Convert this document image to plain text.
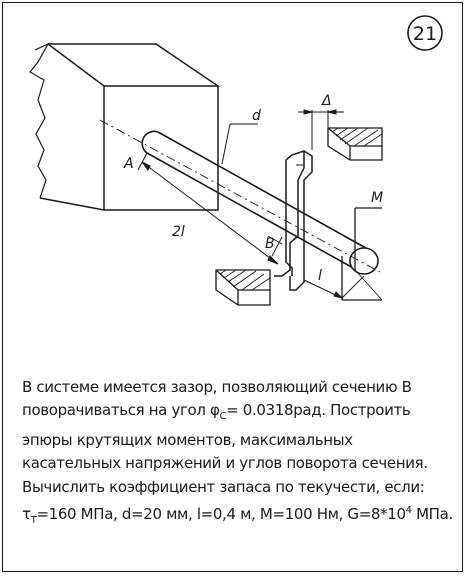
21
d
A
Δ
2l
B
l
M
В системе имеется зазор, позволяющий сечению В
поворачиваться на угол $\varphi_C= 0.0318рад$. Построить
эпюры крутящих моментов, максимальных
касательных напряжений и углов поворота сечения.
Вычислить коэффициент запаса по текучести, если:
$\tau_T=160$ МПа, d=20 мм, l=0,4 м, M=100 Нм, $G=8*10^4$ МПа.
